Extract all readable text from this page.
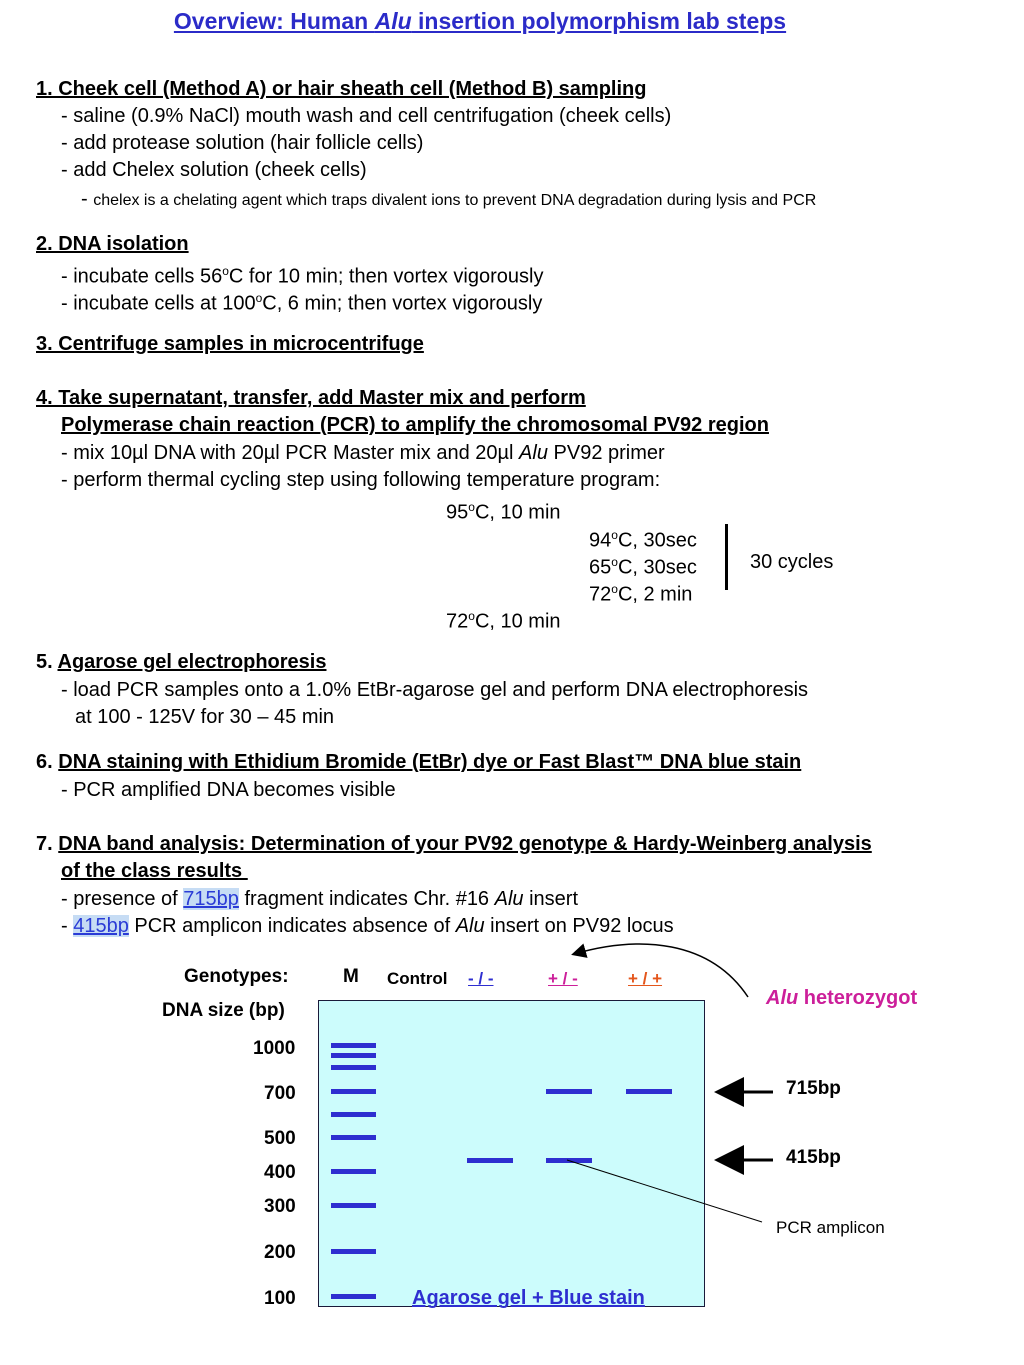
Overview: Human Alu insertion polymorphism lab steps
1. Cheek cell (Method A) or hair sheath cell (Method B) sampling
- saline (0.9% NaCl) mouth wash and cell centrifugation (cheek cells)
- add protease solution (hair follicle cells)
- add Chelex solution (cheek cells)
- chelex is a chelating agent which traps divalent ions to prevent DNA degradation during lysis and PCR
2. DNA isolation
- incubate cells 56$^o$C for 10 min; then vortex vigorously
- incubate cells at 100$^o$C, 6 min; then vortex vigorously
3. Centrifuge samples in microcentrifuge
4. Take supernatant, transfer, add Master mix and perform
Polymerase chain reaction (PCR) to amplify the chromosomal PV92 region
- mix 10µl DNA with 20µl PCR Master mix and 20µl Alu PV92 primer
- perform thermal cycling step using following temperature program:
95$^o$C, 10 min
94$^o$C, 30sec
65$^o$C, 30sec
72$^o$C, 2 min
72$^o$C, 10 min
30 cycles
5. Agarose gel electrophoresis
- load PCR samples onto a 1.0% EtBr-agarose gel and perform DNA electrophoresis
at 100 - 125V for 30 – 45 min
6. DNA staining with Ethidium Bromide (EtBr) dye or Fast Blast™ DNA blue stain
- PCR amplified DNA becomes visible
7. DNA band analysis: Determination of your PV92 genotype & Hardy-Weinberg analysis
of the class results
- presence of 715bp fragment indicates Chr. #16 Alu insert
- 415bp PCR amplicon indicates absence of Alu insert on PV92 locus
Genotypes:	M Control - / -	+ / -	+ / +
DNA size (bp)
1000
700
500
400
300
200
100	Agarose gel + Blue stain
Alu heterozygot
715bp
415bp
PCR amplicon
